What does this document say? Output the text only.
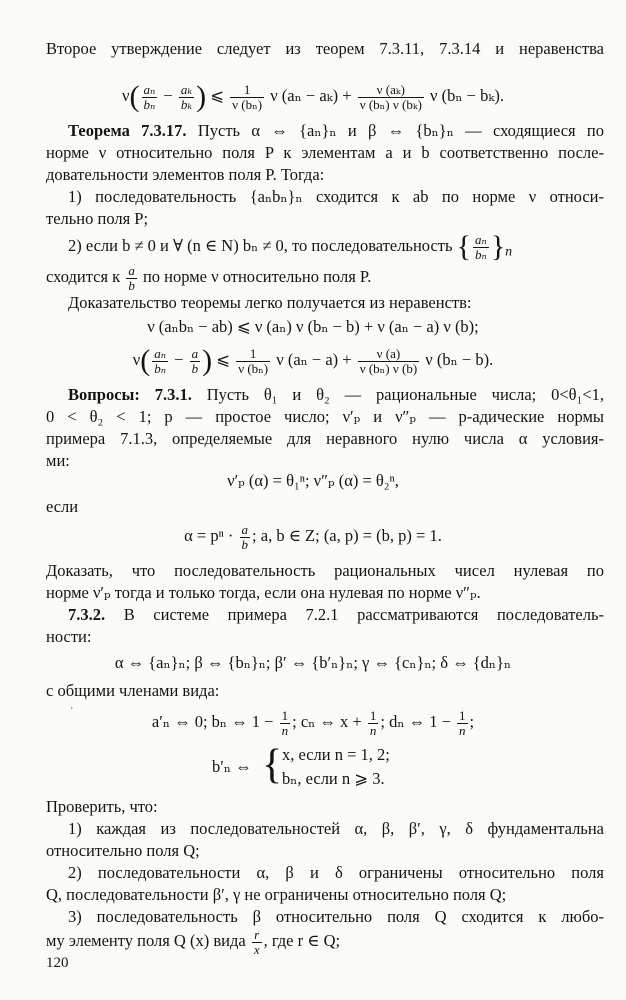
Второе утверждение следует из теорем 7.3.11, 7.3.14 и неравенства
$\nu( \frac{\text{aₙ}}{\text{bₙ}} - \frac{\text{aₖ}}{\text{bₖ}}$ ) ⩽ $\frac{1}{\text{ν (bₙ)}}$ ν $(a_n - a_k) + \frac{\text{ν (aₖ)}}{\text{ν (bₙ) ν (bₖ)}}$ ν (bₙ − bₖ).
Теорема 7.3.17. Пусть α ⇔ {aₙ}ₙ и β ⇔ {bₙ}ₙ — сходящиеся по
норме ν относительно поля P к элементам a и b соответственно после-
довательности элементов поля P. Тогда:
1) последовательность {aₙbₙ}ₙ сходится к ab по норме ν относи-
тельно поля P;
2) если b ≠ 0 и ∀ (n ∈ N) bₙ ≠ 0, то последовательность { $\frac{\text{aₙ}}{\text{bₙ}} \}_n$
сходится к $\frac{a}{b}$ по норме ν относительно поля P.
Доказательство теоремы легко получается из неравенств:
ν (aₙbₙ − ab) ⩽ ν (aₙ) ν (bₙ − b) + ν (aₙ − a) ν (b);
$\nu( \frac{\text{aₙ}}{\text{bₙ}} - \frac{a}{b}$ ) ⩽ $\frac{1}{\text{ν (bₙ)}}$ ν $(a_n - a) + \frac{\nu (a)}{\text{ν (bₙ) ν (b)}}$ ν (bₙ − b).
Вопросы: 7.3.1. Пусть θ₁ и θ₂ — рациональные числа; 0<θ₁<1,
0 < θ₂ < 1; p — простое число; ν′ₚ и ν″ₚ — p-адические нормы
примера 7.1.3, определяемые для неравного нулю числа α условия-
ми:
ν′ₚ (α) = θ₁ⁿ; ν″ₚ (α) = θ₂ⁿ,
если
$\alpha = p^n \cdot \frac{a}{b}$ ; a, b ∈ Z; (a, p) = (b, p) = 1.
Доказать, что последовательность рациональных чисел нулевая по
норме ν′ₚ тогда и только тогда, если она нулевая по норме ν″ₚ.
7.3.2. В системе примера 7.2.1 рассматриваются последователь-
ности:
α ⇔ {aₙ}ₙ; β ⇔ {bₙ}ₙ; β′ ⇔ {b′ₙ}ₙ; γ ⇔ {cₙ}ₙ; δ ⇔ {dₙ}ₙ
с общими членами вида:
ʼ
a′ₙ ⇔ 0; bₙ ⇔ $1 - \frac{1}{n}$ ; cₙ ⇔ $x + \frac{1}{n}$ ; dₙ ⇔ $1 - \frac{1}{n}$ ;
b′ₙ ⇔ { x, если n = 1, 2;
bₙ, если n ⩾ 3.
Проверить, что:
1) каждая из последовательностей α, β, β′, γ, δ фундаментальна
относительно поля Q;
2) последовательности α, β и δ ограничены относительно поля
Q, последовательности β′, γ не ограничены относительно поля Q;
3) последовательность β относительно поля Q сходится к любо-
му элементу поля Q (x) вида $\frac{r}{x}$ , где r ∈ Q;
120
